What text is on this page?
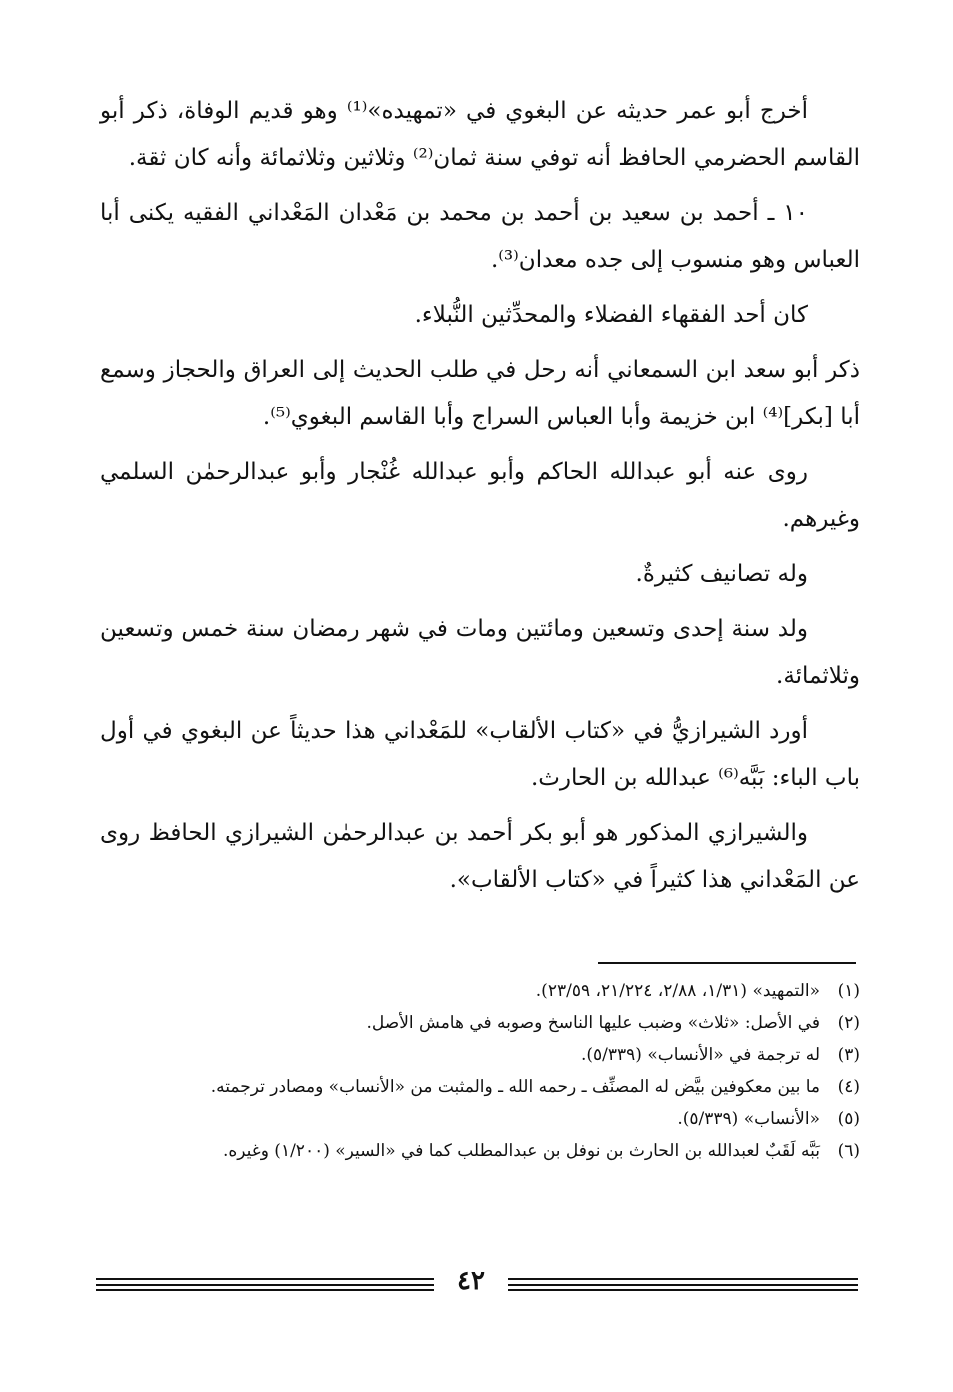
أخرج أبو عمر حديثه عن البغوي في «تمهيده»⁽¹⁾ وهو قديم الوفاة، ذكر أبو القاسم الحضرمي الحافظ أنه توفي سنة ثمان⁽²⁾ وثلاثين وثلاثمائة وأنه كان ثقة.

١٠ ـ أحمد بن سعيد بن أحمد بن محمد بن مَعْدان المَعْداني الفقيه يكنى أبا العباس وهو منسوب إلى جده معدان⁽³⁾.

كان أحد الفقهاء الفضلاء والمحدِّثين النُّبلاء.

ذكر أبو سعد ابن السمعاني أنه رحل في طلب الحديث إلى العراق والحجاز وسمع أبا [بكر]⁽⁴⁾ ابن خزيمة وأبا العباس السراج وأبا القاسم البغوي⁽⁵⁾.

روى عنه أبو عبدالله الحاكم وأبو عبدالله غُنْجار وأبو عبدالرحمٰن السلمي وغيرهم.

وله تصانيف كثيرةٌ.

ولد سنة إحدى وتسعين ومائتين ومات في شهر رمضان سنة خمس وتسعين وثلاثمائة.

أورد الشيرازيُّ في «كتاب الألقاب» للمَعْداني هذا حديثاً عن البغوي في أول باب الباء: بَبَّه⁽⁶⁾ عبدالله بن الحارث.

والشيرازي المذكور هو أبو بكر أحمد بن عبدالرحمٰن الشيرازي الحافظ روى عن المَعْداني هذا كثيراً في «كتاب الألقاب».

(١)
«التمهيد» (١/٣١، ٢/٨٨، ٢١/٢٢٤، ٢٣/٥٩).
(٢)
في الأصل: «ثلاث» وضبب عليها الناسخ وصوبه في هامش الأصل.
(٣)
له ترجمة في «الأنساب» (٥/٣٣٩).
(٤)
ما بين معكوفين بيَّض له المصنِّف ـ رحمه الله ـ والمثبت من «الأنساب» ومصادر ترجمته.
(٥)
«الأنساب» (٥/٣٣٩).
(٦)
بَبَّه لَقَبٌ لعبدالله بن الحارث بن نوفل بن عبدالمطلب كما في «السير» (١/٢٠٠) وغيره.
٤٢
